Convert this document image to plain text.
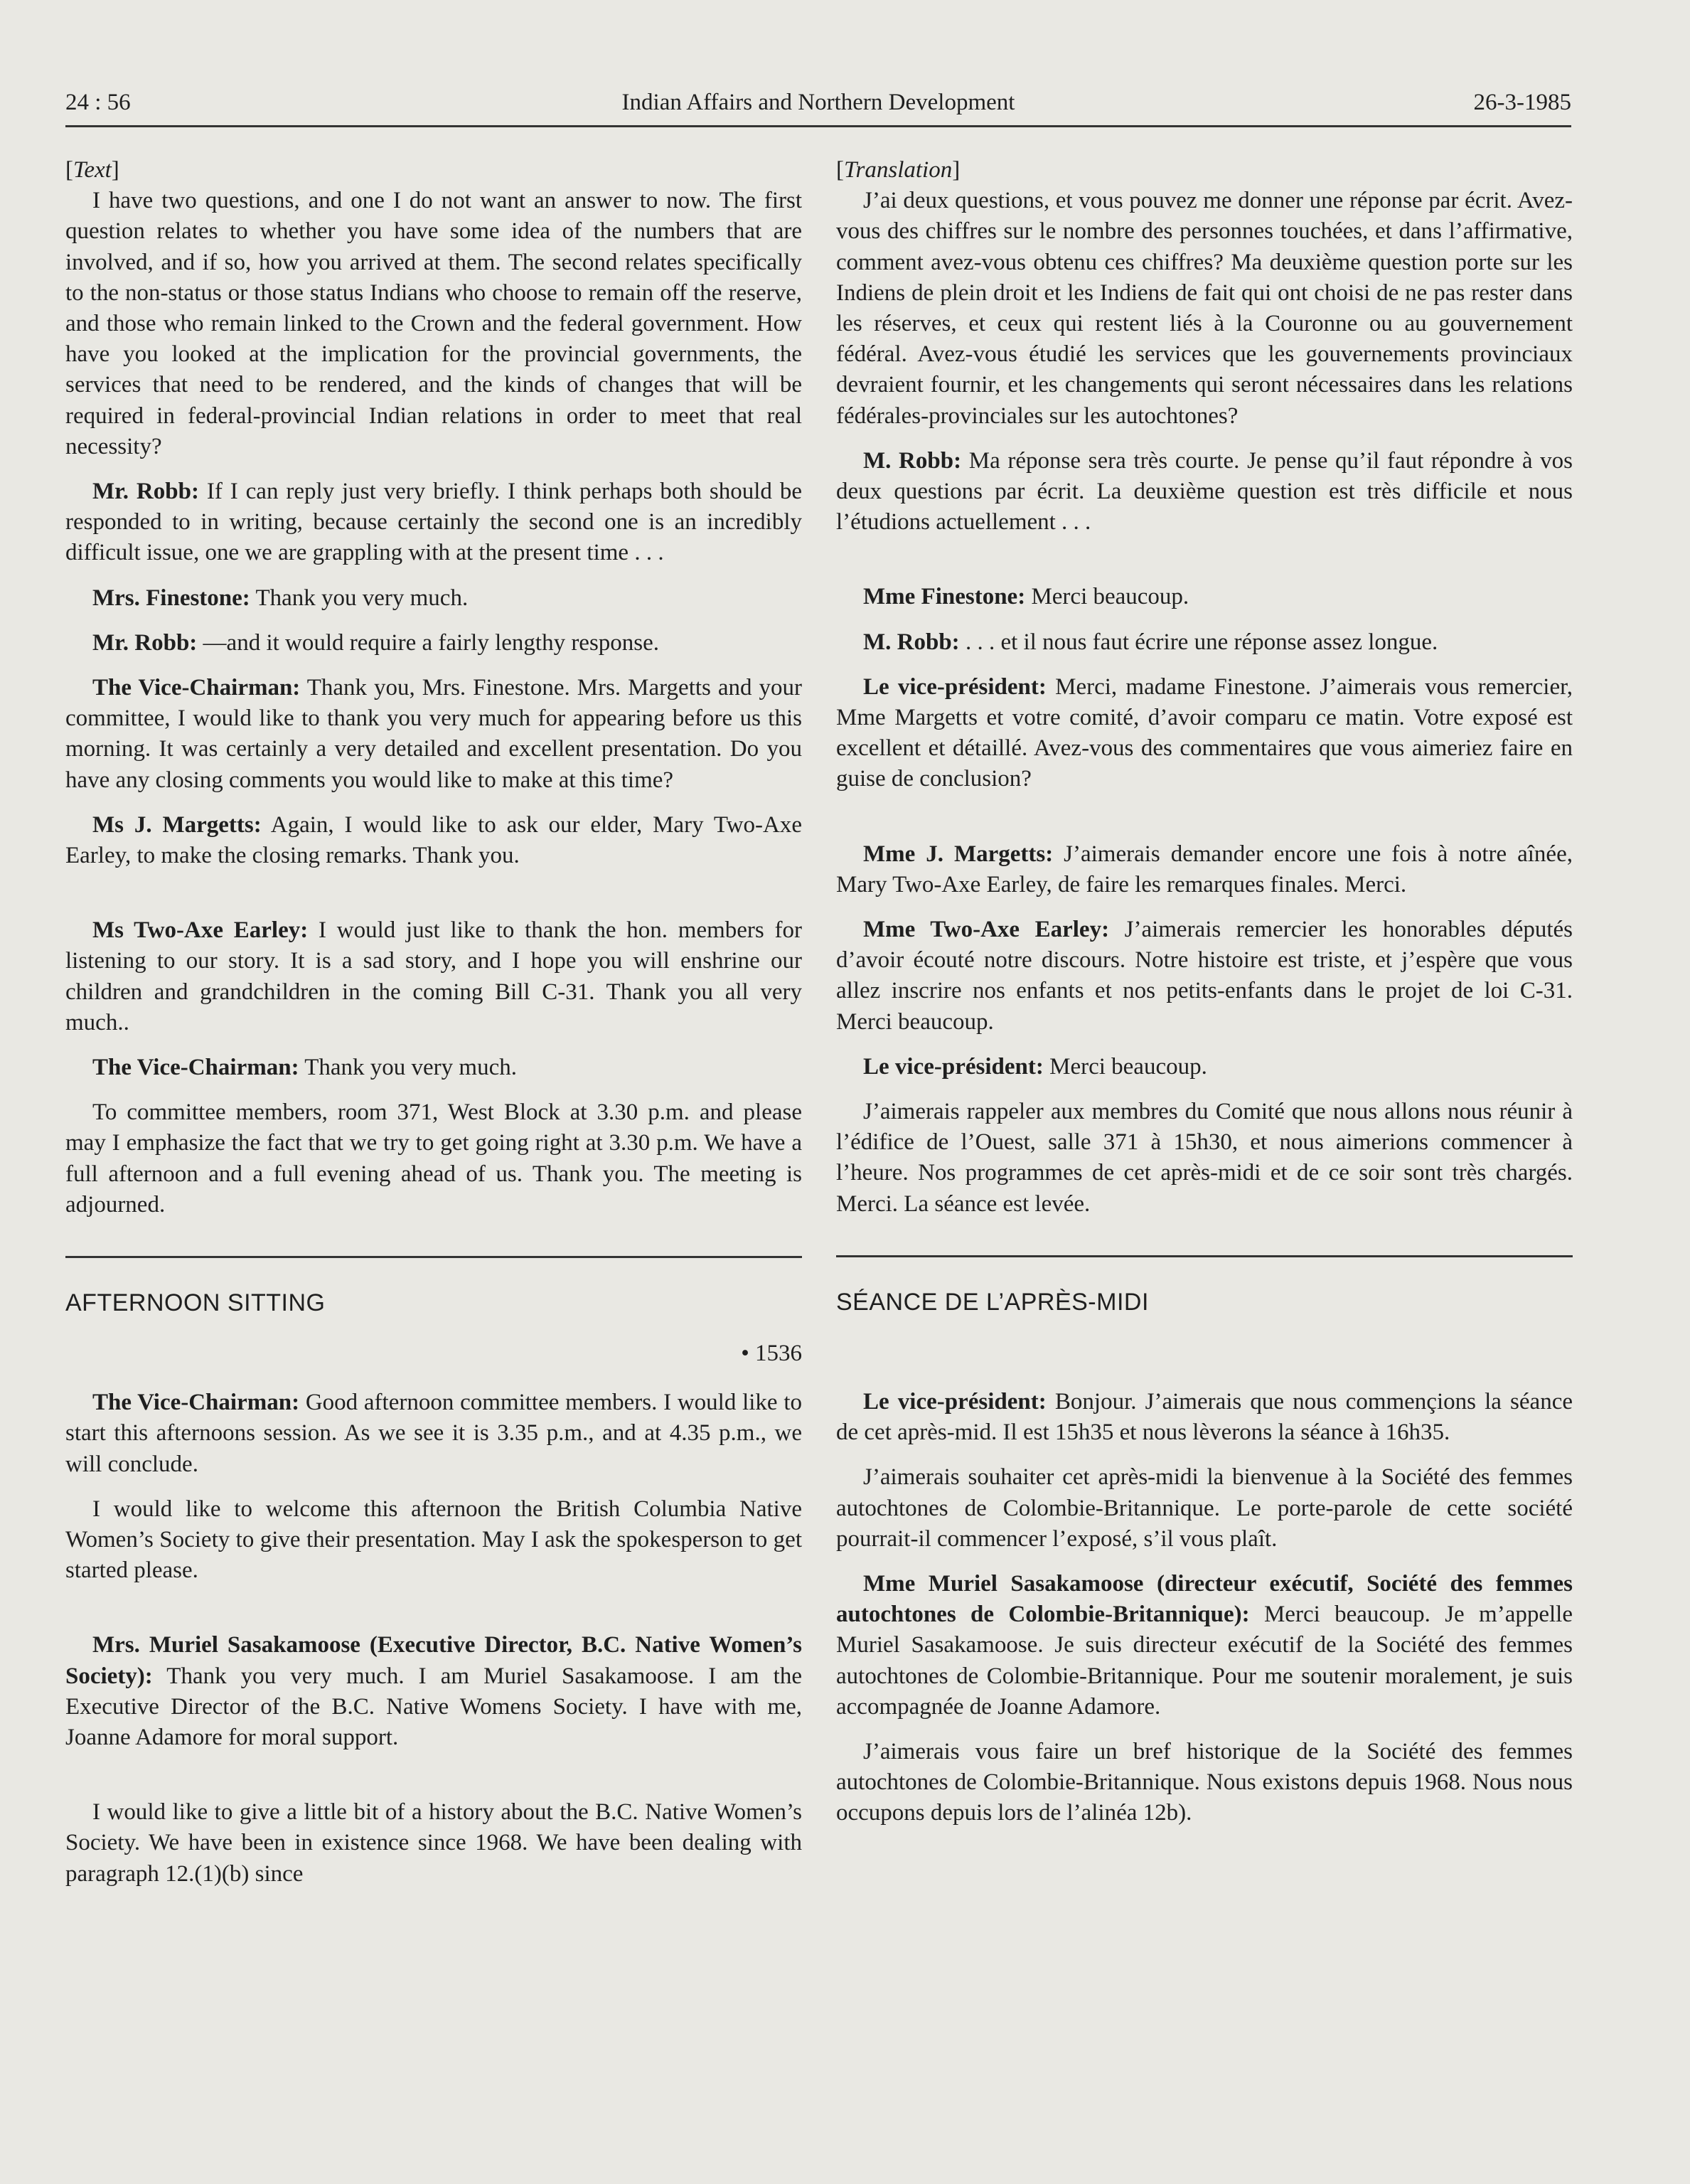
24 : 56	Indian Affairs and Northern Development	26-3-1985

[Text]

I have two questions, and one I do not want an answer to now. The first question relates to whether you have some idea of the numbers that are involved, and if so, how you arrived at them. The second relates specifically to the non-status or those status Indians who choose to remain off the reserve, and those who remain linked to the Crown and the federal government. How have you looked at the implication for the provincial governments, the services that need to be rendered, and the kinds of changes that will be required in federal-provincial Indian relations in order to meet that real necessity?

Mr. Robb: If I can reply just very briefly. I think perhaps both should be responded to in writing, because certainly the second one is an incredibly difficult issue, one we are grappling with at the present time . . .

Mrs. Finestone: Thank you very much.

Mr. Robb: —and it would require a fairly lengthy response.

The Vice-Chairman: Thank you, Mrs. Finestone. Mrs. Margetts and your committee, I would like to thank you very much for appearing before us this morning. It was certainly a very detailed and excellent presentation. Do you have any closing comments you would like to make at this time?

Ms J. Margetts: Again, I would like to ask our elder, Mary Two-Axe Earley, to make the closing remarks. Thank you.

Ms Two-Axe Earley: I would just like to thank the hon. members for listening to our story. It is a sad story, and I hope you will enshrine our children and grandchildren in the coming Bill C-31. Thank you all very much..

The Vice-Chairman: Thank you very much.

To committee members, room 371, West Block at 3.30 p.m. and please may I emphasize the fact that we try to get going right at 3.30 p.m. We have a full afternoon and a full evening ahead of us. Thank you. The meeting is adjourned.

AFTERNOON SITTING
• 1536

The Vice-Chairman: Good afternoon committee members. I would like to start this afternoons session. As we see it is 3.35 p.m., and at 4.35 p.m., we will conclude.

I would like to welcome this afternoon the British Columbia Native Women’s Society to give their presentation. May I ask the spokesperson to get started please.

Mrs. Muriel Sasakamoose (Executive Director, B.C. Native Women’s Society): Thank you very much. I am Muriel Sasakamoose. I am the Executive Director of the B.C. Native Womens Society. I have with me, Joanne Adamore for moral support.

I would like to give a little bit of a history about the B.C. Native Women’s Society. We have been in existence since 1968. We have been dealing with paragraph 12.(1)(b) since

[Translation]

J’ai deux questions, et vous pouvez me donner une réponse par écrit. Avez-vous des chiffres sur le nombre des personnes touchées, et dans l’affirmative, comment avez-vous obtenu ces chiffres? Ma deuxième question porte sur les Indiens de plein droit et les Indiens de fait qui ont choisi de ne pas rester dans les réserves, et ceux qui restent liés à la Couronne ou au gouvernement fédéral. Avez-vous étudié les services que les gouvernements provinciaux devraient fournir, et les changements qui seront nécessaires dans les relations fédérales-provinciales sur les autochtones?

M. Robb: Ma réponse sera très courte. Je pense qu’il faut répondre à vos deux questions par écrit. La deuxième question est très difficile et nous l’étudions actuellement . . .

Mme Finestone: Merci beaucoup.

M. Robb: . . . et il nous faut écrire une réponse assez longue.

Le vice-président: Merci, madame Finestone. J’aimerais vous remercier, Mme Margetts et votre comité, d’avoir comparu ce matin. Votre exposé est excellent et détaillé. Avez-vous des commentaires que vous aimeriez faire en guise de conclusion?

Mme J. Margetts: J’aimerais demander encore une fois à notre aînée, Mary Two-Axe Earley, de faire les remarques finales. Merci.

Mme Two-Axe Earley: J’aimerais remercier les honorables députés d’avoir écouté notre discours. Notre histoire est triste, et j’espère que vous allez inscrire nos enfants et nos petits-enfants dans le projet de loi C-31. Merci beaucoup.

Le vice-président: Merci beaucoup.

J’aimerais rappeler aux membres du Comité que nous allons nous réunir à l’édifice de l’Ouest, salle 371 à 15h30, et nous aimerions commencer à l’heure. Nos programmes de cet après-midi et de ce soir sont très chargés. Merci. La séance est levée.

SÉANCE DE L’APRÈS-MIDI

Le vice-président: Bonjour. J’aimerais que nous commençions la séance de cet après-mid. Il est 15h35 et nous lèverons la séance à 16h35.

J’aimerais souhaiter cet après-midi la bienvenue à la Société des femmes autochtones de Colombie-Britannique. Le porte-parole de cette société pourrait-il commencer l’exposé, s’il vous plaît.

Mme Muriel Sasakamoose (directeur exécutif, Société des femmes autochtones de Colombie-Britannique): Merci beaucoup. Je m’appelle Muriel Sasakamoose. Je suis directeur exécutif de la Société des femmes autochtones de Colombie-Britannique. Pour me soutenir moralement, je suis accompagnée de Joanne Adamore.

J’aimerais vous faire un bref historique de la Société des femmes autochtones de Colombie-Britannique. Nous existons depuis 1968. Nous nous occupons depuis lors de l’alinéa 12b).
